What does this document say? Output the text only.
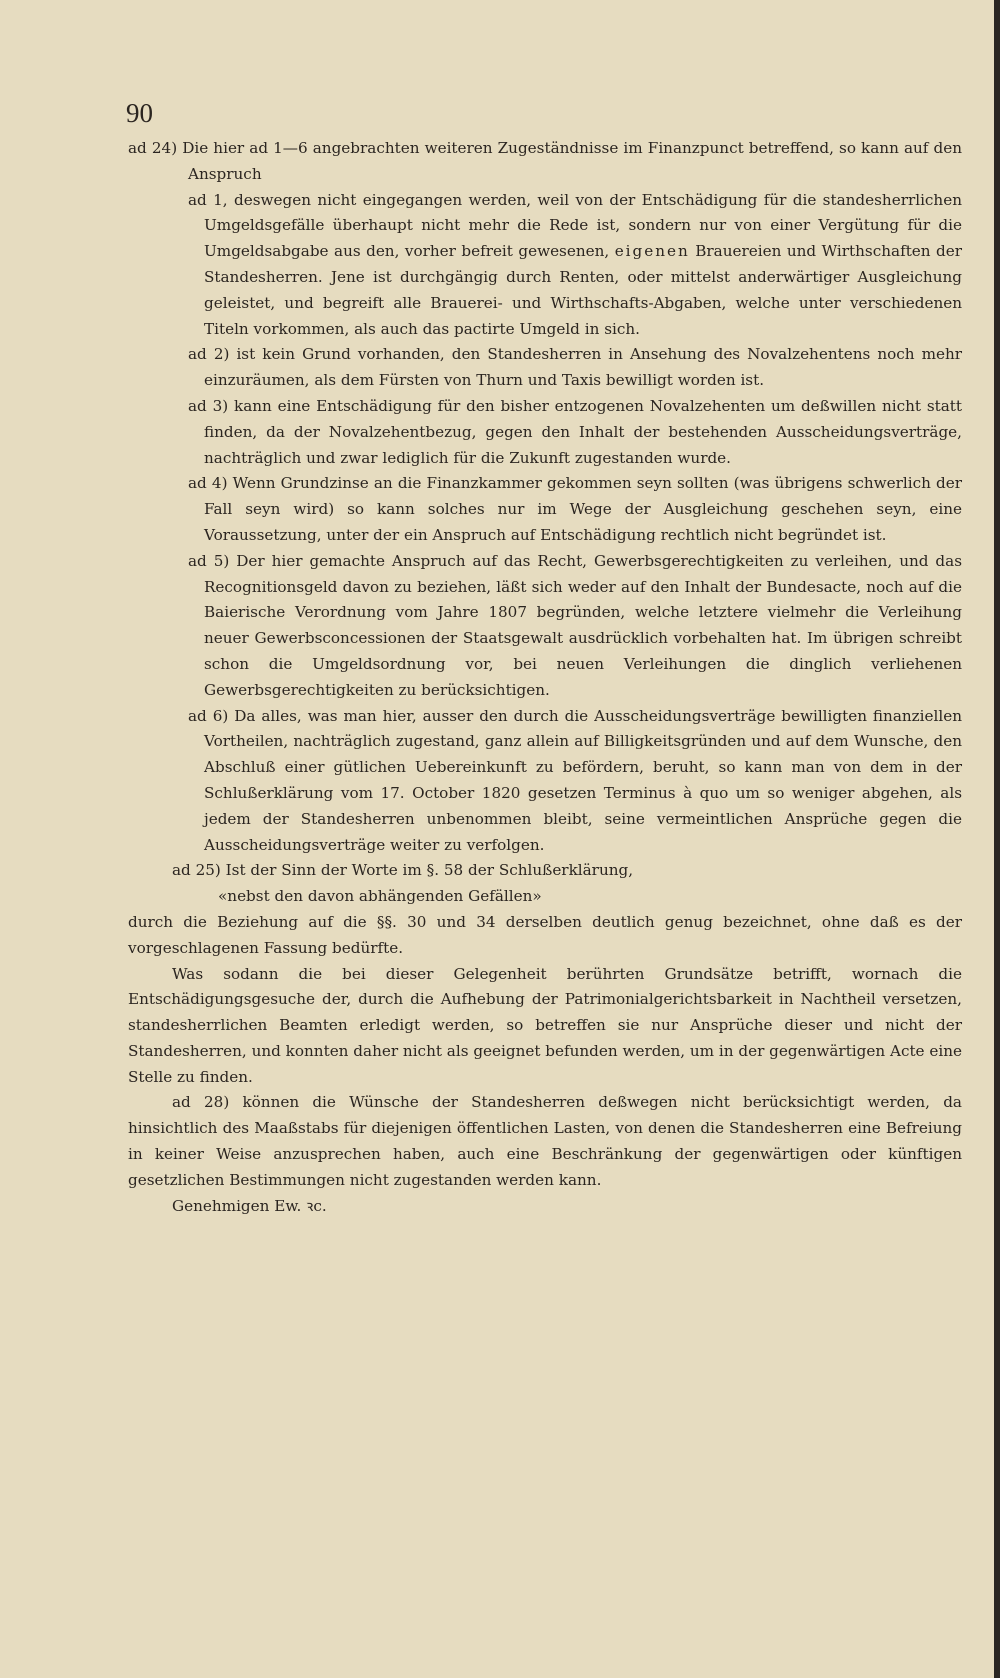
90

ad 24) Die hier ad 1—6 angebrachten weiteren Zugeständnisse im Finanzpunct betreffend, so kann auf den Anspruch

ad 1, deswegen nicht eingegangen werden, weil von der Entschädigung für die standesherrlichen Umgeldsgefälle überhaupt nicht mehr die Rede ist, sondern nur von einer Vergütung für die Umgeldsabgabe aus den, vorher befreit gewesenen, eigenen Brauereien und Wirthschaften der Standesherren. Jene ist durchgängig durch Renten, oder mittelst anderwärtiger Ausgleichung geleistet, und begreift alle Brauerei- und Wirthschafts-Abgaben, welche unter verschiedenen Titeln vorkommen, als auch das pactirte Umgeld in sich.

ad 2) ist kein Grund vorhanden, den Standesherren in Ansehung des Novalzehentens noch mehr einzuräumen, als dem Fürsten von Thurn und Taxis bewilligt worden ist.

ad 3) kann eine Entschädigung für den bisher entzogenen Novalzehenten um deßwillen nicht statt finden, da der Novalzehentbezug, gegen den Inhalt der bestehenden Ausscheidungsverträge, nachträglich und zwar lediglich für die Zukunft zugestanden wurde.

ad 4) Wenn Grundzinse an die Finanzkammer gekommen seyn sollten (was übrigens schwerlich der Fall seyn wird) so kann solches nur im Wege der Ausgleichung geschehen seyn, eine Voraussetzung, unter der ein Anspruch auf Entschädigung rechtlich nicht begründet ist.

ad 5) Der hier gemachte Anspruch auf das Recht, Gewerbsgerechtigkeiten zu verleihen, und das Recognitionsgeld davon zu beziehen, läßt sich weder auf den Inhalt der Bundesacte, noch auf die Baierische Verordnung vom Jahre 1807 begründen, welche letztere vielmehr die Verleihung neuer Gewerbsconcessionen der Staatsgewalt ausdrücklich vorbehalten hat. Im übrigen schreibt schon die Umgeldsordnung vor, bei neuen Verleihungen die dinglich verliehenen Gewerbsgerechtigkeiten zu berücksichtigen.

ad 6) Da alles, was man hier, ausser den durch die Ausscheidungsverträge bewilligten finanziellen Vortheilen, nachträglich zugestand, ganz allein auf Billigkeitsgründen und auf dem Wunsche, den Abschluß einer gütlichen Uebereinkunft zu befördern, beruht, so kann man von dem in der Schlußerklärung vom 17. October 1820 gesetzen Terminus à quo um so weniger abgehen, als jedem der Standesherren unbenommen bleibt, seine vermeintlichen Ansprüche gegen die Ausscheidungsverträge weiter zu verfolgen.

ad 25) Ist der Sinn der Worte im §. 58 der Schlußerklärung,

«nebst den davon abhängenden Gefällen»

durch die Beziehung auf die §§. 30 und 34 derselben deutlich genug bezeichnet, ohne daß es der vorgeschlagenen Fassung bedürfte.

Was sodann die bei dieser Gelegenheit berührten Grundsätze betrifft, wornach die Entschädigungsgesuche der, durch die Aufhebung der Patrimonialgerichtsbarkeit in Nachtheil versetzen, standesherrlichen Beamten erledigt werden, so betreffen sie nur Ansprüche dieser und nicht der Standesherren, und konnten daher nicht als geeignet befunden werden, um in der gegenwärtigen Acte eine Stelle zu finden.

ad 28) können die Wünsche der Standesherren deßwegen nicht berücksichtigt werden, da hinsichtlich des Maaßstabs für diejenigen öffentlichen Lasten, von denen die Standesherren eine Befreiung in keiner Weise anzusprechen haben, auch eine Beschränkung der gegenwärtigen oder künftigen gesetzlichen Bestimmungen nicht zugestanden werden kann.

Genehmigen Ew. ꝛc.
